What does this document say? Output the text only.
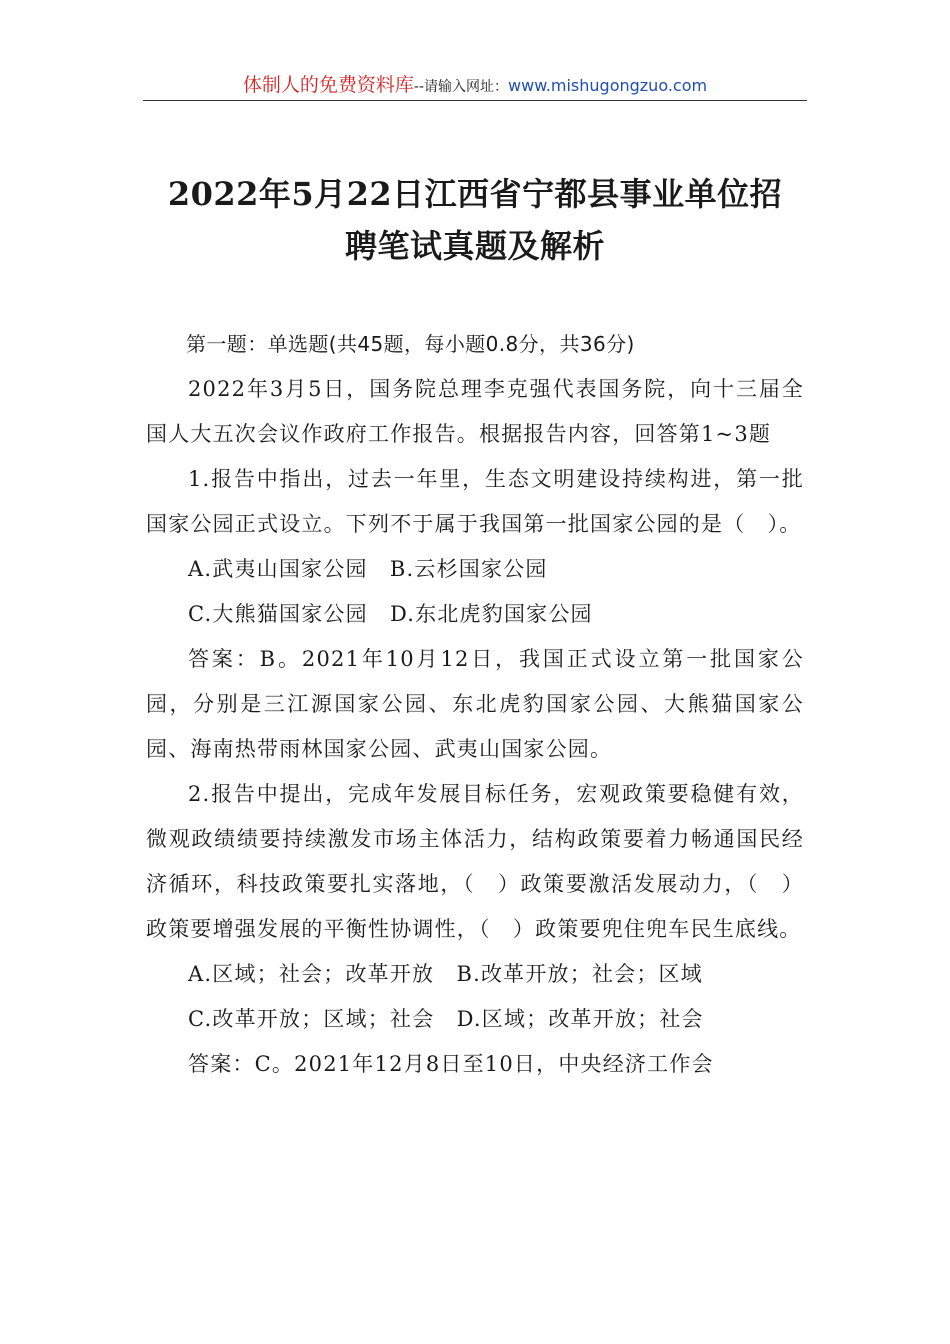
体制人的免费资料库--请输入网址：www.mishugongzuo.com
2022年5月22日江西省宁都县事业单位招
聘笔试真题及解析

第一题：单选题(共45题，每小题0.8分，共36分)

2022年3月5日，国务院总理李克强代表国务院，向十三届全国人大五次会议作政府工作报告。根据报告内容，回答第1~3题

1.报告中指出，过去一年里，生态文明建设持续构进，第一批国家公园正式设立。下列不于属于我国第一批国家公园的是（　）。

A.武夷山国家公园　B.云杉国家公园

C.大熊猫国家公园　D.东北虎豹国家公园

答案：B。2021年10月12日，我国正式设立第一批国家公园，分别是三江源国家公园、东北虎豹国家公园、大熊猫国家公园、海南热带雨林国家公园、武夷山国家公园。

2.报告中提出，完成年发展目标任务，宏观政策要稳健有效，微观政绩绩要持续激发市场主体活力，结构政策要着力畅通国民经济循环，科技政策要扎实落地，（　）政策要激活发展动力，（　）政策要增强发展的平衡性协调性，（　）政策要兜住兜车民生底线。

A.区域；社会；改革开放　B.改革开放；社会；区域

C.改革开放；区域；社会　D.区域；改革开放；社会

答案：C。2021年12月8日至10日，中央经济工作会
